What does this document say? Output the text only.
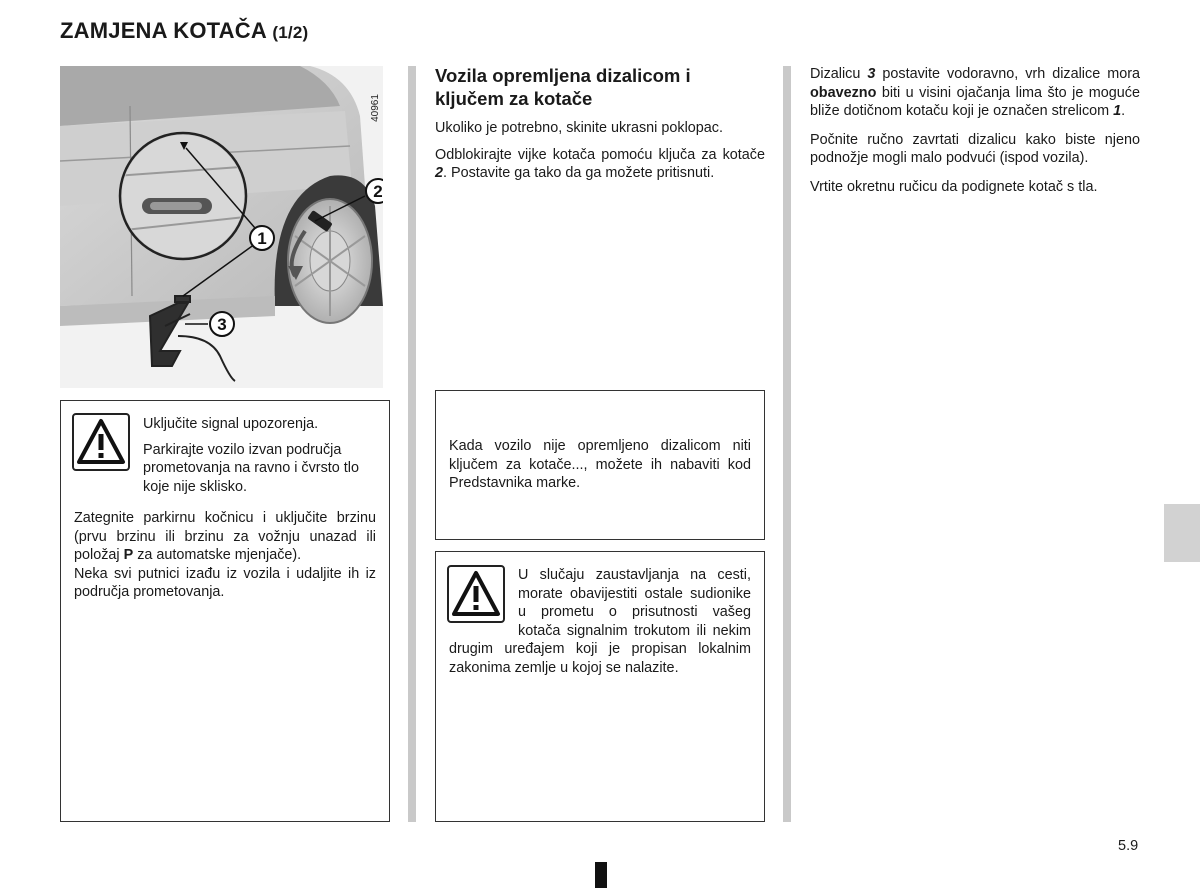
ZAMJENA KOTAČA (1/2)
1
2
3
40961

Uključite signal upozorenja.

Parkirajte vozilo izvan područja prometovanja na ravno i čvrsto tlo koje nije sklisko.

Zategnite parkirnu kočnicu i uključite brzinu (prvu brzinu ili brzinu za vožnju unazad ili položaj P za automatske mjenjače).

Neka svi putnici izađu iz vozila i udaljite ih iz područja prometovanja.

Vozila opremljena dizalicom i ključem za kotače

Ukoliko je potrebno, skinite ukrasni poklopac.

Odblokirajte vijke kotača pomoću ključa za kotače 2. Postavite ga tako da ga možete pritisnuti.

Kada vozilo nije opremljeno dizalicom niti ključem za kotače..., možete ih nabaviti kod Predstavnika marke.

U slučaju zaustavljanja na cesti, morate obavijestiti ostale sudionike u prometu o prisutnosti vašeg kotača signalnim trokutom ili nekim drugim uređajem koji je propisan lokalnim zakonima zemlje u kojoj se nalazite.

Dizalicu 3 postavite vodoravno, vrh dizalice mora obavezno biti u visini ojačanja lima što je moguće bliže dotičnom kotaču koji je označen strelicom 1.

Počnite ručno zavrtati dizalicu kako biste njeno podnožje mogli malo podvući (ispod vozila).

Vrtite okretnu ručicu da podignete kotač s tla.

5.9
